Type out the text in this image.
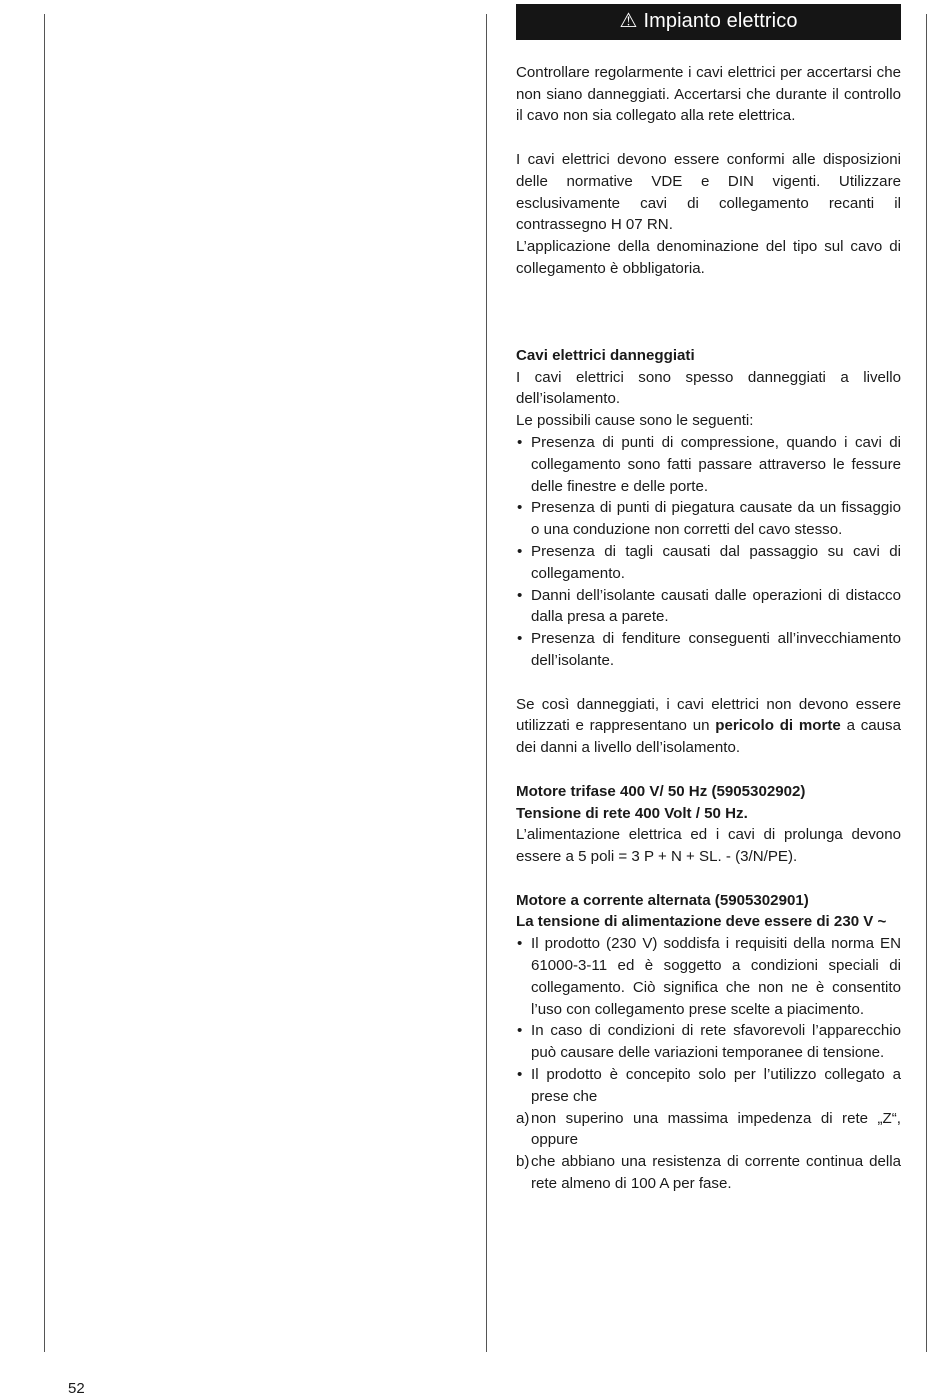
⚠ Impianto elettrico

Controllare regolarmente i cavi elettrici per accertarsi che non siano danneggiati. Accertarsi che durante il controllo il cavo non sia collegato alla rete elettrica.

I cavi elettrici devono essere conformi alle disposizioni delle normative VDE e DIN vigenti. Utilizzare esclusivamente cavi di collegamento recanti il contrassegno H 07 RN.

L’applicazione della denominazione del tipo sul cavo di collegamento è obbligatoria.

Cavi elettrici danneggiati

I cavi elettrici sono spesso danneggiati a livello dell’isolamento.

Le possibili cause sono le seguenti:

• Presenza di punti di compressione, quando i cavi di collegamento sono fatti passare attraverso le fessure delle finestre e delle porte.
• Presenza di punti di piegatura causate da un fissaggio o una conduzione non corretti del cavo stesso.
• Presenza di tagli causati dal passaggio su cavi di collegamento.
• Danni dell’isolante causati dalle operazioni di distacco dalla presa a parete.
• Presenza di fenditure conseguenti all’invecchiamento dell’isolante.

Se così danneggiati, i cavi elettrici non devono essere utilizzati e rappresentano un pericolo di morte a causa dei danni a livello dell’isolamento.

Motore trifase 400 V/ 50 Hz (5905302902)

Tensione di rete 400 Volt / 50 Hz.

L’alimentazione elettrica ed i cavi di prolunga devono essere a 5 poli = 3 P + N + SL. - (3/N/PE).

Motore a corrente alternata (5905302901)

La tensione di alimentazione deve essere di 230 V ~

• Il prodotto (230 V) soddisfa i requisiti della norma EN 61000-3-11 ed è soggetto a condizioni speciali di collegamento. Ciò significa che non ne è consentito l’uso con collegamento prese scelte a piacimento.
• In caso di condizioni di rete sfavorevoli l’apparecchio può causare delle variazioni temporanee di tensione.
• Il prodotto è concepito solo per l’utilizzo collegato a prese che
a) non superino una massima impedenza di rete „Z“, oppure
b) che abbiano una resistenza di corrente continua della rete almeno di 100 A per fase.
52
